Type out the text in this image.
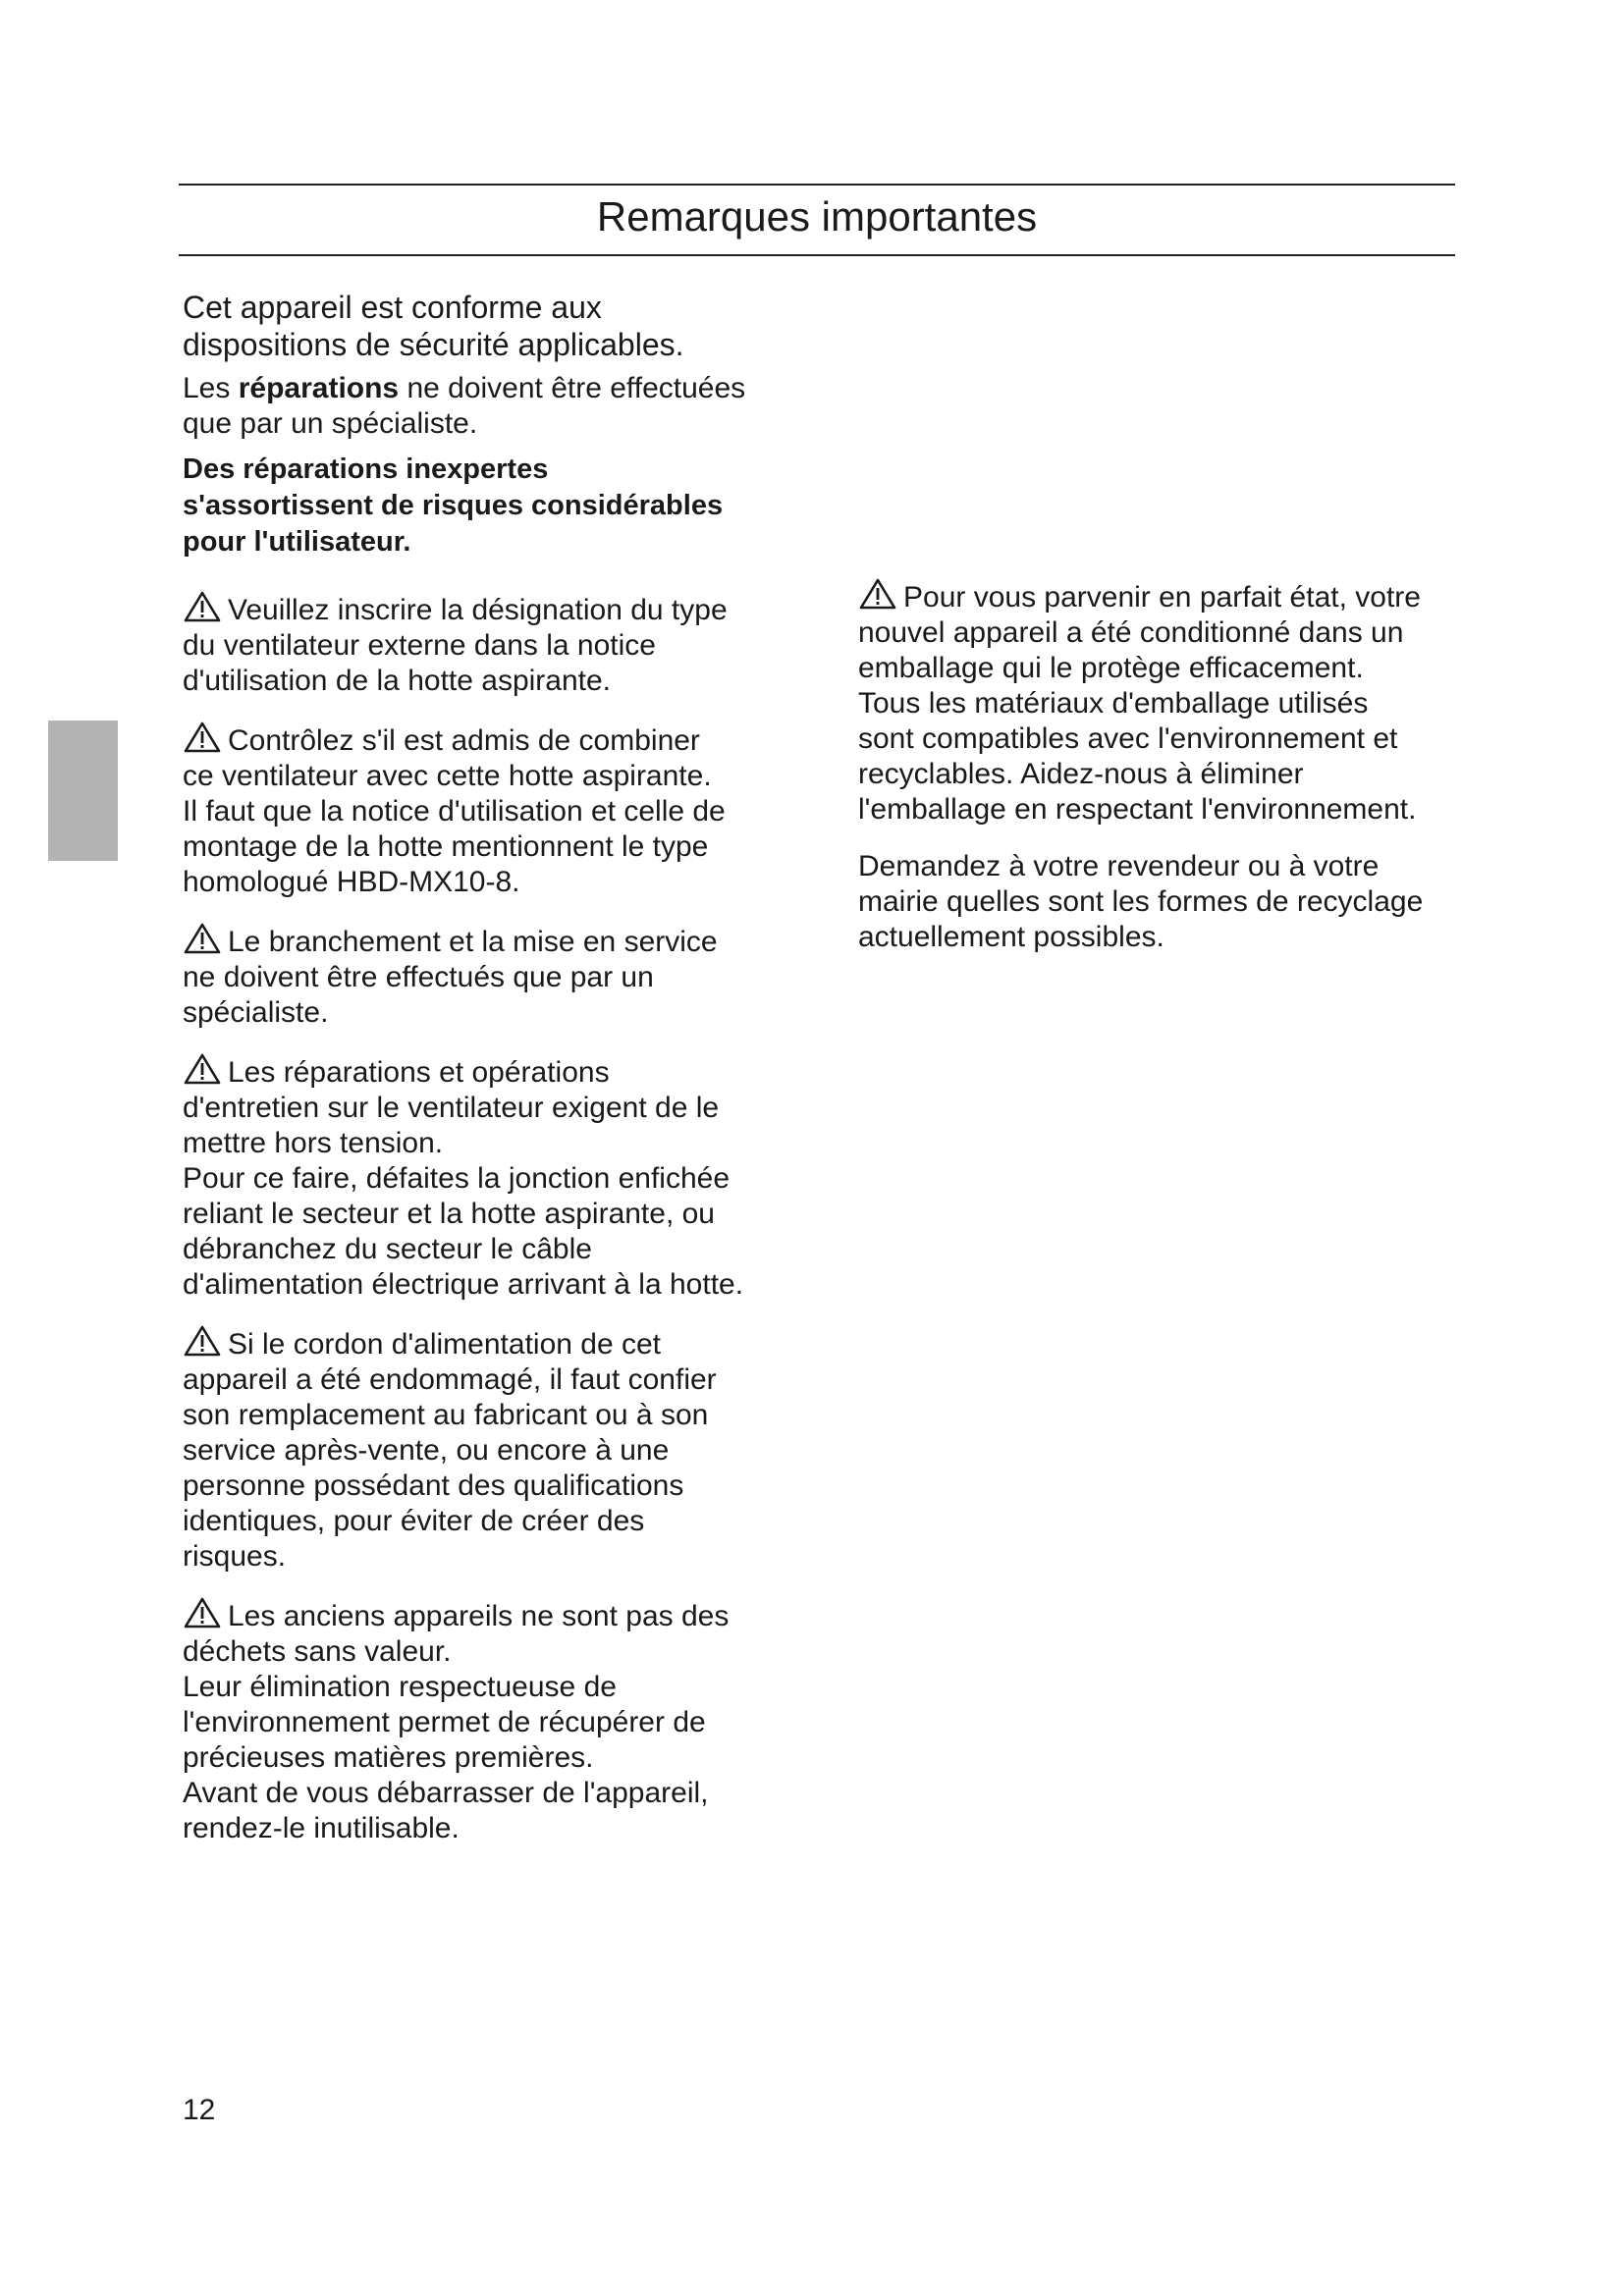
Remarques importantes

Cet appareil est conforme aux
dispositions de sécurité applicables.

Les réparations ne doivent être effectuées
que par un spécialiste.

Des réparations inexpertes
s'assortissent de risques considérables
pour l'utilisateur.

Veuillez inscrire la désignation du type
du ventilateur externe dans la notice
d'utilisation de la hotte aspirante.

Contrôlez s'il est admis de combiner
ce ventilateur avec cette hotte aspirante.
Il faut que la notice d'utilisation et celle de
montage de la hotte mentionnent le type
homologué HBD-MX10-8.

Le branchement et la mise en service
ne doivent être effectués que par un
spécialiste.

Les réparations et opérations
d'entretien sur le ventilateur exigent de le
mettre hors tension.
Pour ce faire, défaites la jonction enfichée
reliant le secteur et la hotte aspirante, ou
débranchez du secteur le câble
d'alimentation électrique arrivant à la hotte.

Si le cordon d'alimentation de cet
appareil a été endommagé, il faut confier
son remplacement au fabricant ou à son
service après-vente, ou encore à une
personne possédant des qualifications
identiques, pour éviter de créer des
risques.

Les anciens appareils ne sont pas des
déchets sans valeur.
Leur élimination respectueuse de
l'environnement permet de récupérer de
précieuses matières premières.
Avant de vous débarrasser de l'appareil,
rendez-le inutilisable.

Pour vous parvenir en parfait état, votre
nouvel appareil a été conditionné dans un
emballage qui le protège efficacement.
Tous les matériaux d'emballage utilisés
sont compatibles avec l'environnement et
recyclables. Aidez-nous à éliminer
l'emballage en respectant l'environnement.

Demandez à votre revendeur ou à votre
mairie quelles sont les formes de recyclage
actuellement possibles.

12
